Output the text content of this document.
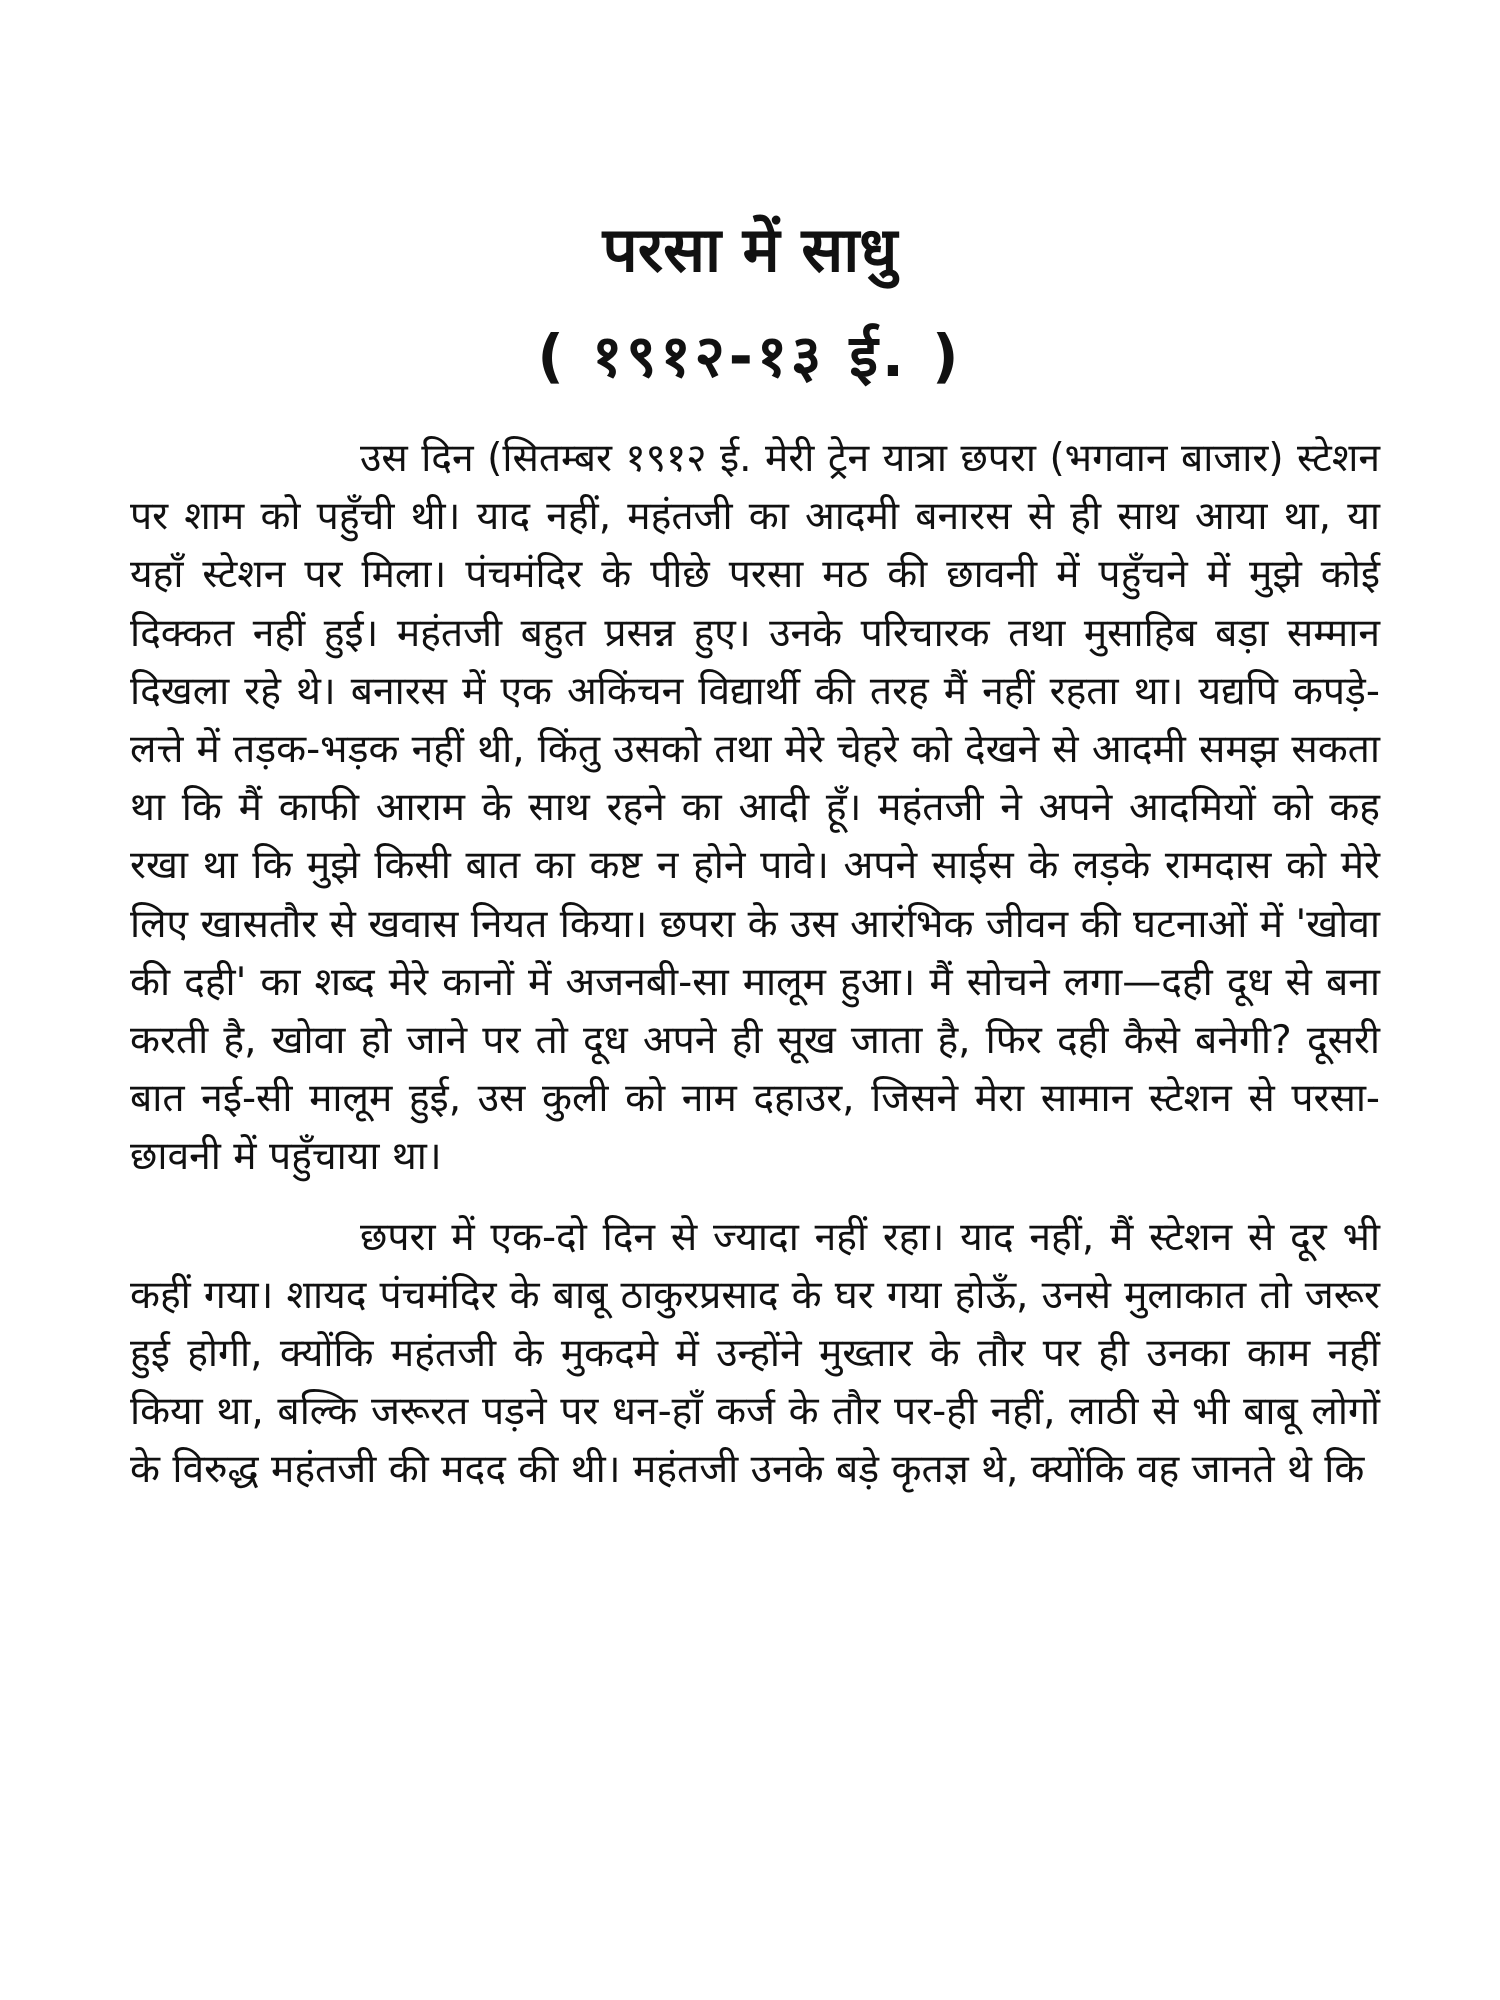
परसा में साधु
( १९१२-१३ ई. )

उस दिन (सितम्बर १९१२ ई. मेरी ट्रेन यात्रा छपरा (भगवान बाजार) स्टेशन पर शाम को पहुँची थी। याद नहीं, महंतजी का आदमी बनारस से ही साथ आया था, या यहाँ स्टेशन पर मिला। पंचमंदिर के पीछे परसा मठ की छावनी में पहुँचने में मुझे कोई दिक्कत नहीं हुई। महंतजी बहुत प्रसन्न हुए। उनके परिचारक तथा मुसाहिब बड़ा सम्मान दिखला रहे थे। बनारस में एक अकिंचन विद्यार्थी की तरह मैं नहीं रहता था। यद्यपि कपड़े-लत्ते में तड़क-भड़क नहीं थी, किंतु उसको तथा मेरे चेहरे को देखने से आदमी समझ सकता था कि मैं काफी आराम के साथ रहने का आदी हूँ। महंतजी ने अपने आदमियों को कह रखा था कि मुझे किसी बात का कष्ट न होने पावे। अपने साईस के लड़के रामदास को मेरे लिए खासतौर से खवास नियत किया। छपरा के उस आरंभिक जीवन की घटनाओं में 'खोवा की दही' का शब्द मेरे कानों में अजनबी-सा मालूम हुआ। मैं सोचने लगा—दही दूध से बना करती है, खोवा हो जाने पर तो दूध अपने ही सूख जाता है, फिर दही कैसे बनेगी? दूसरी बात नई-सी मालूम हुई, उस कुली को नाम दहाउर, जिसने मेरा सामान स्टेशन से परसा-छावनी में पहुँचाया था।

छपरा में एक-दो दिन से ज्यादा नहीं रहा। याद नहीं, मैं स्टेशन से दूर भी कहीं गया। शायद पंचमंदिर के बाबू ठाकुरप्रसाद के घर गया होऊँ, उनसे मुलाकात तो जरूर हुई होगी, क्योंकि महंतजी के मुकदमे में उन्होंने मुख्तार के तौर पर ही उनका काम नहीं किया था, बल्कि जरूरत पड़ने पर धन-हाँ कर्ज के तौर पर-ही नहीं, लाठी से भी बाबू लोगों के विरुद्ध महंतजी की मदद की थी। महंतजी उनके बड़े कृतज्ञ थे, क्योंकि वह जानते थे कि
